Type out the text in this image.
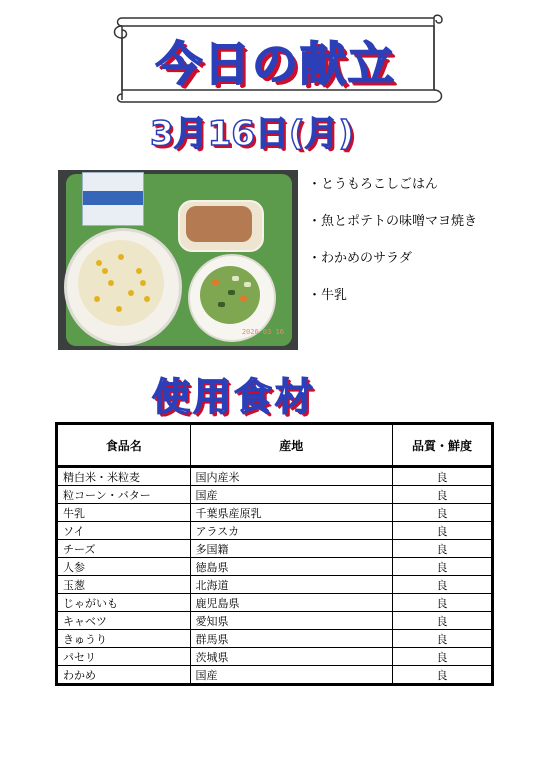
今日の献立
3月16日(月)
2026 03 16
・とうもろこしごはん
・魚とポテトの味噌マヨ焼き
・わかめのサラダ
・牛乳
使用食材
食品名	産地	品質・鮮度
精白米・米粒麦	国内産米	良
粒コーン・バター	国産	良
牛乳	千葉県産原乳	良
ソイ	アラスカ	良
チーズ	多国籍	良
人参	徳島県	良
玉葱	北海道	良
じゃがいも	鹿児島県	良
キャベツ	愛知県	良
きゅうり	群馬県	良
パセリ	茨城県	良
わかめ	国産	良
